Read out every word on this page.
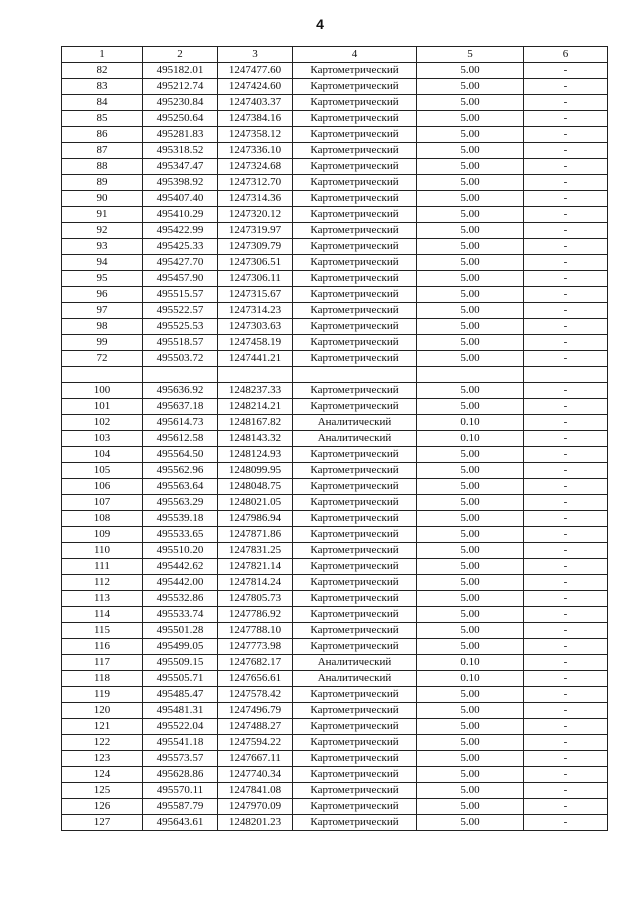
4
1	2	3	4	5	6
82	495182.01	1247477.60	Картометрический	5.00	-
83	495212.74	1247424.60	Картометрический	5.00	-
84	495230.84	1247403.37	Картометрический	5.00	-
85	495250.64	1247384.16	Картометрический	5.00	-
86	495281.83	1247358.12	Картометрический	5.00	-
87	495318.52	1247336.10	Картометрический	5.00	-
88	495347.47	1247324.68	Картометрический	5.00	-
89	495398.92	1247312.70	Картометрический	5.00	-
90	495407.40	1247314.36	Картометрический	5.00	-
91	495410.29	1247320.12	Картометрический	5.00	-
92	495422.99	1247319.97	Картометрический	5.00	-
93	495425.33	1247309.79	Картометрический	5.00	-
94	495427.70	1247306.51	Картометрический	5.00	-
95	495457.90	1247306.11	Картометрический	5.00	-
96	495515.57	1247315.67	Картометрический	5.00	-
97	495522.57	1247314.23	Картометрический	5.00	-
98	495525.53	1247303.63	Картометрический	5.00	-
99	495518.57	1247458.19	Картометрический	5.00	-
72	495503.72	1247441.21	Картометрический	5.00	-

100	495636.92	1248237.33	Картометрический	5.00	-
101	495637.18	1248214.21	Картометрический	5.00	-
102	495614.73	1248167.82	Аналитический	0.10	-
103	495612.58	1248143.32	Аналитический	0.10	-
104	495564.50	1248124.93	Картометрический	5.00	-
105	495562.96	1248099.95	Картометрический	5.00	-
106	495563.64	1248048.75	Картометрический	5.00	-
107	495563.29	1248021.05	Картометрический	5.00	-
108	495539.18	1247986.94	Картометрический	5.00	-
109	495533.65	1247871.86	Картометрический	5.00	-
110	495510.20	1247831.25	Картометрический	5.00	-
111	495442.62	1247821.14	Картометрический	5.00	-
112	495442.00	1247814.24	Картометрический	5.00	-
113	495532.86	1247805.73	Картометрический	5.00	-
114	495533.74	1247786.92	Картометрический	5.00	-
115	495501.28	1247788.10	Картометрический	5.00	-
116	495499.05	1247773.98	Картометрический	5.00	-
117	495509.15	1247682.17	Аналитический	0.10	-
118	495505.71	1247656.61	Аналитический	0.10	-
119	495485.47	1247578.42	Картометрический	5.00	-
120	495481.31	1247496.79	Картометрический	5.00	-
121	495522.04	1247488.27	Картометрический	5.00	-
122	495541.18	1247594.22	Картометрический	5.00	-
123	495573.57	1247667.11	Картометрический	5.00	-
124	495628.86	1247740.34	Картометрический	5.00	-
125	495570.11	1247841.08	Картометрический	5.00	-
126	495587.79	1247970.09	Картометрический	5.00	-
127	495643.61	1248201.23	Картометрический	5.00	-
